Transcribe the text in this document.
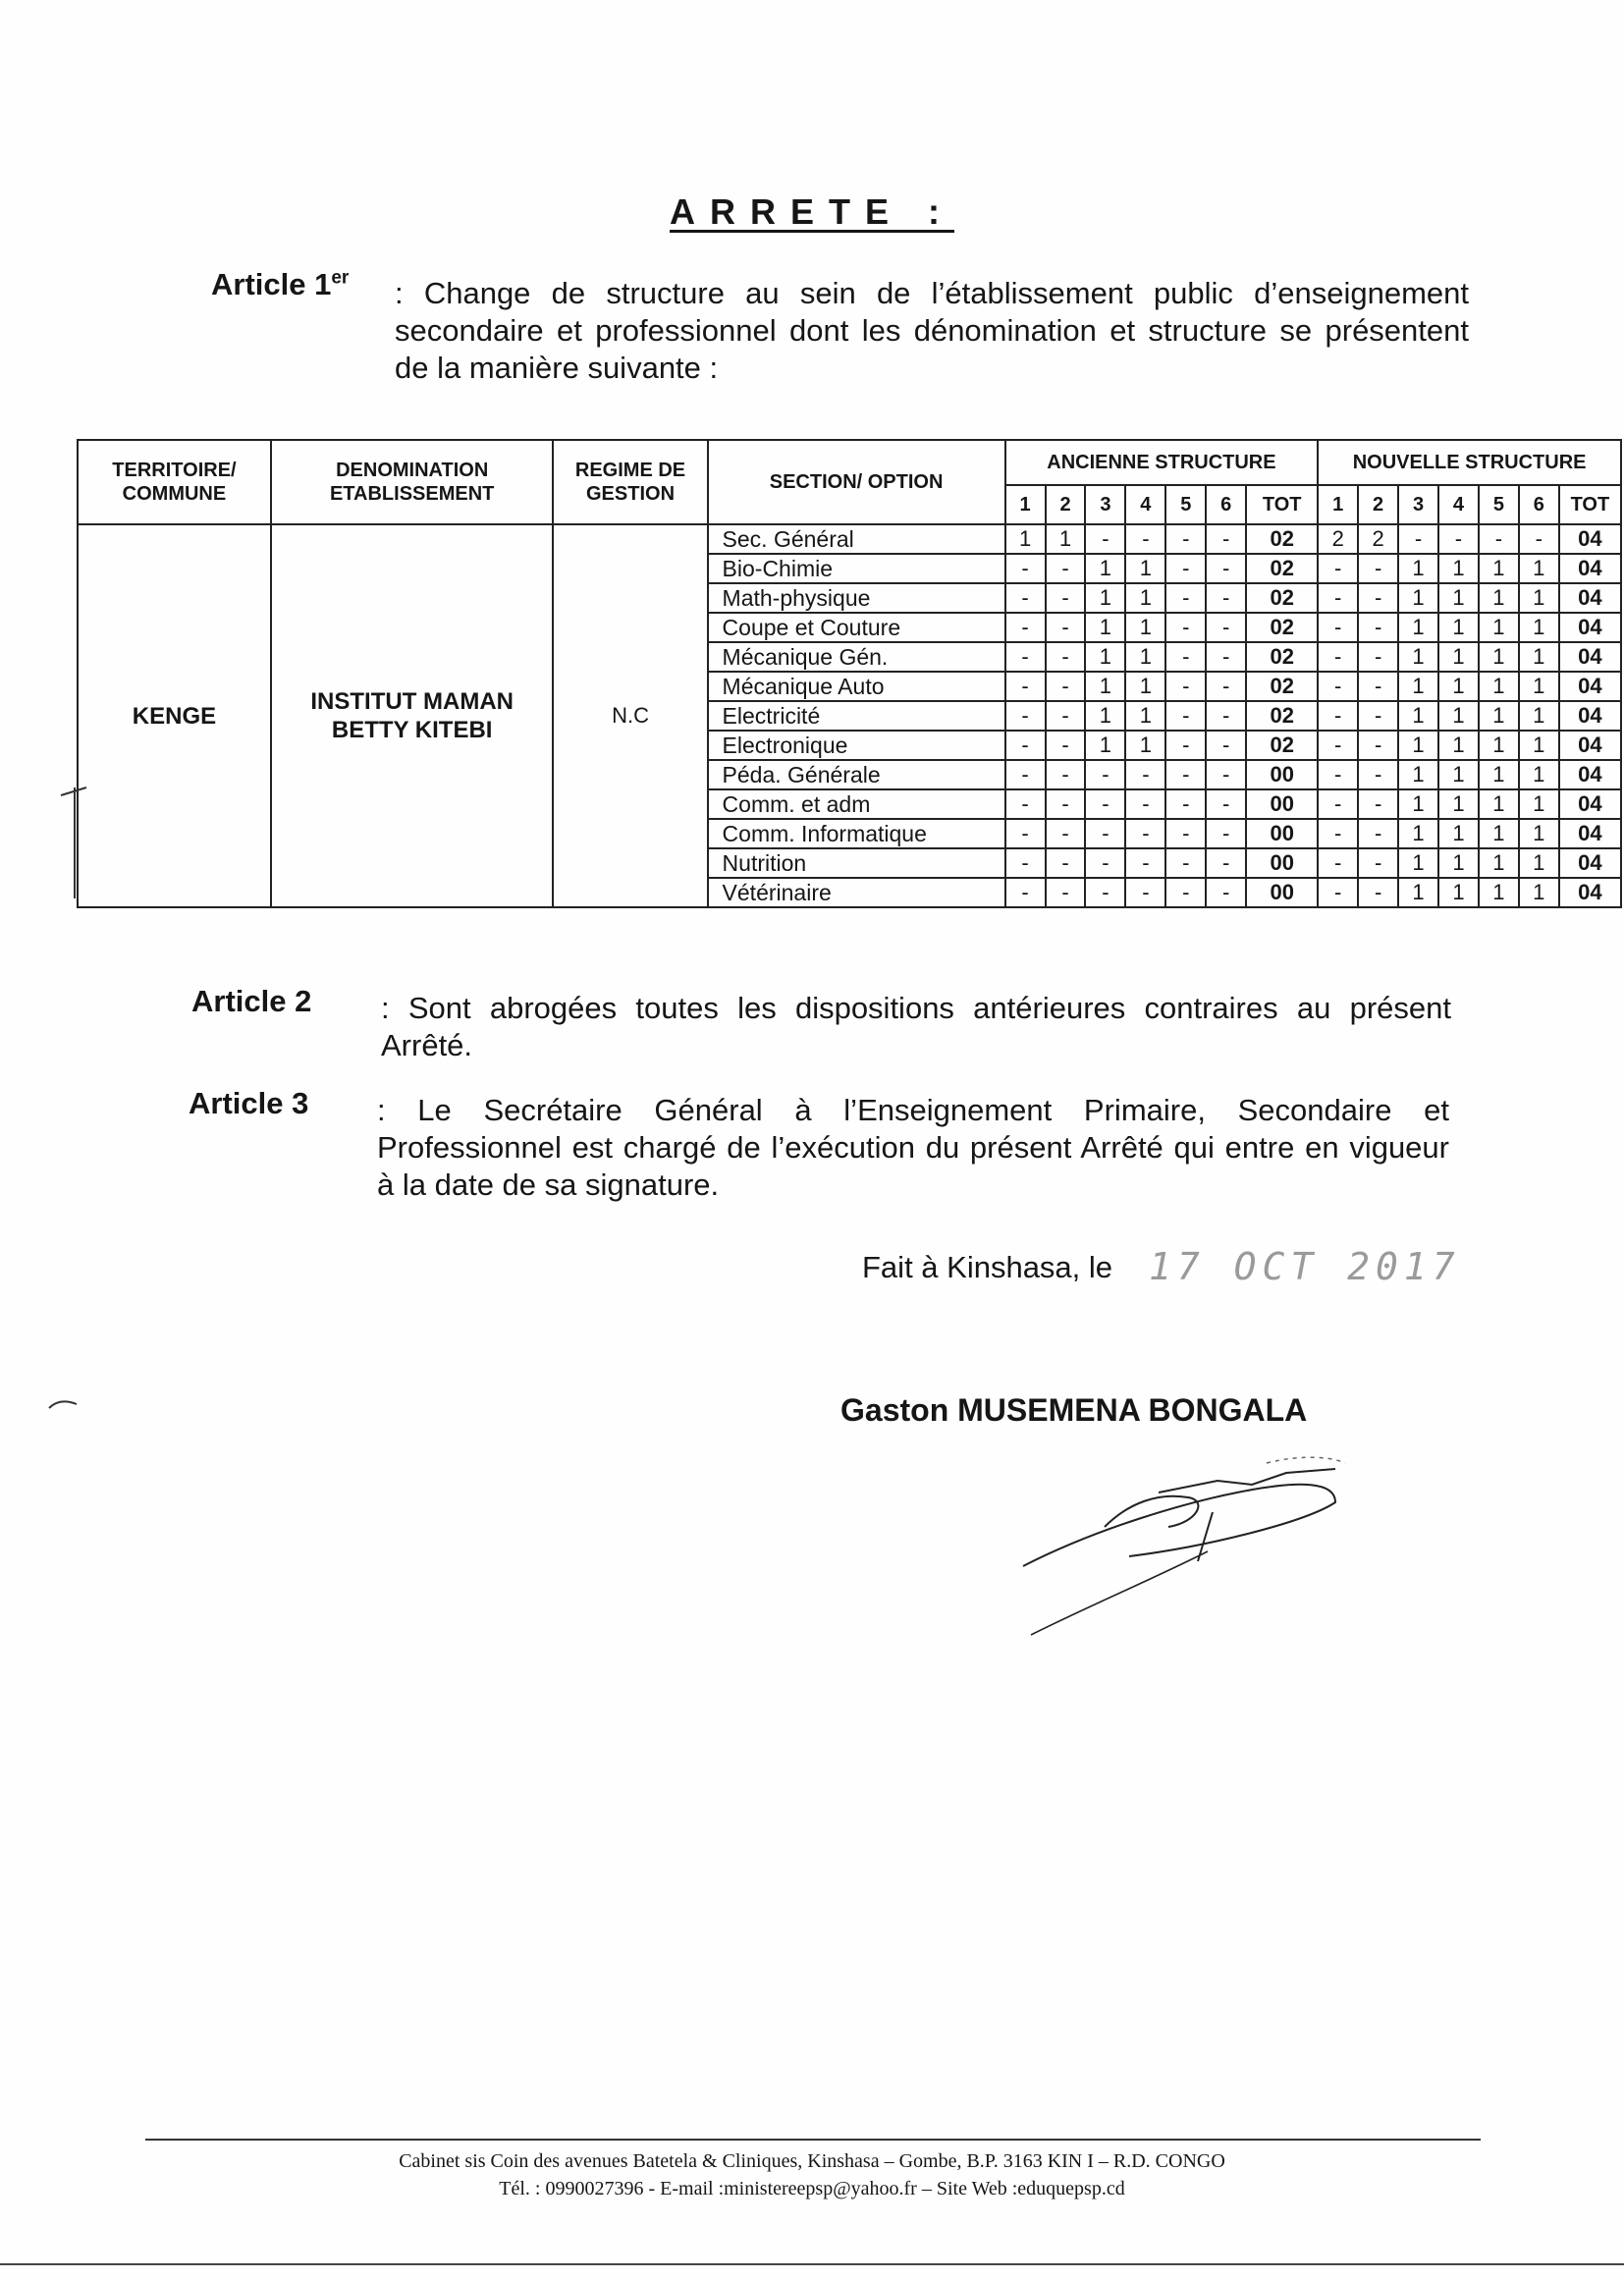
ARRETE :
Article 1er : Change de structure au sein de l’établissement public d’enseignement secondaire et professionnel dont les dénomination et structure se présentent de la manière suivante :
TERRITOIRE/ COMMUNE	DENOMINATION ETABLISSEMENT	REGIME DE GESTION	SECTION/ OPTION	ANCIENNE STRUCTURE							NOUVELLE STRUCTURE						
				1	2	3	4	5	6	TOT	1	2	3	4	5	6	TOT
KENGE	INSTITUT MAMAN BETTY KITEBI	N.C	Sec. Général	1	1	-	-	-	-	02	2	2	-	-	-	-	04
			Bio-Chimie	-	-	1	1	-	-	02	-	-	1	1	1	1	04
			Math-physique	-	-	1	1	-	-	02	-	-	1	1	1	1	04
			Coupe et Couture	-	-	1	1	-	-	02	-	-	1	1	1	1	04
			Mécanique Gén.	-	-	1	1	-	-	02	-	-	1	1	1	1	04
			Mécanique Auto	-	-	1	1	-	-	02	-	-	1	1	1	1	04
			Electricité	-	-	1	1	-	-	02	-	-	1	1	1	1	04
			Electronique	-	-	1	1	-	-	02	-	-	1	1	1	1	04
			Péda. Générale	-	-	-	-	-	-	00	-	-	1	1	1	1	04
			Comm. et adm	-	-	-	-	-	-	00	-	-	1	1	1	1	04
			Comm. Informatique	-	-	-	-	-	-	00	-	-	1	1	1	1	04
			Nutrition	-	-	-	-	-	-	00	-	-	1	1	1	1	04
			Vétérinaire	-	-	-	-	-	-	00	-	-	1	1	1	1	04
Article 2 : Sont abrogées toutes les dispositions antérieures contraires au présent Arrêté.
Article 3 : Le Secrétaire Général à l’Enseignement Primaire, Secondaire et Professionnel est chargé de l’exécution du présent Arrêté qui entre en vigueur à la date de sa signature.
Fait à Kinshasa, le 17 OCT 2017
Gaston MUSEMENA BONGALA
Cabinet sis Coin des avenues Batetela & Cliniques, Kinshasa – Gombe, B.P. 3163 KIN I – R.D. CONGO
Tél. : 0990027396 - E-mail :ministereepsp@yahoo.fr – Site Web :eduquepsp.cd
